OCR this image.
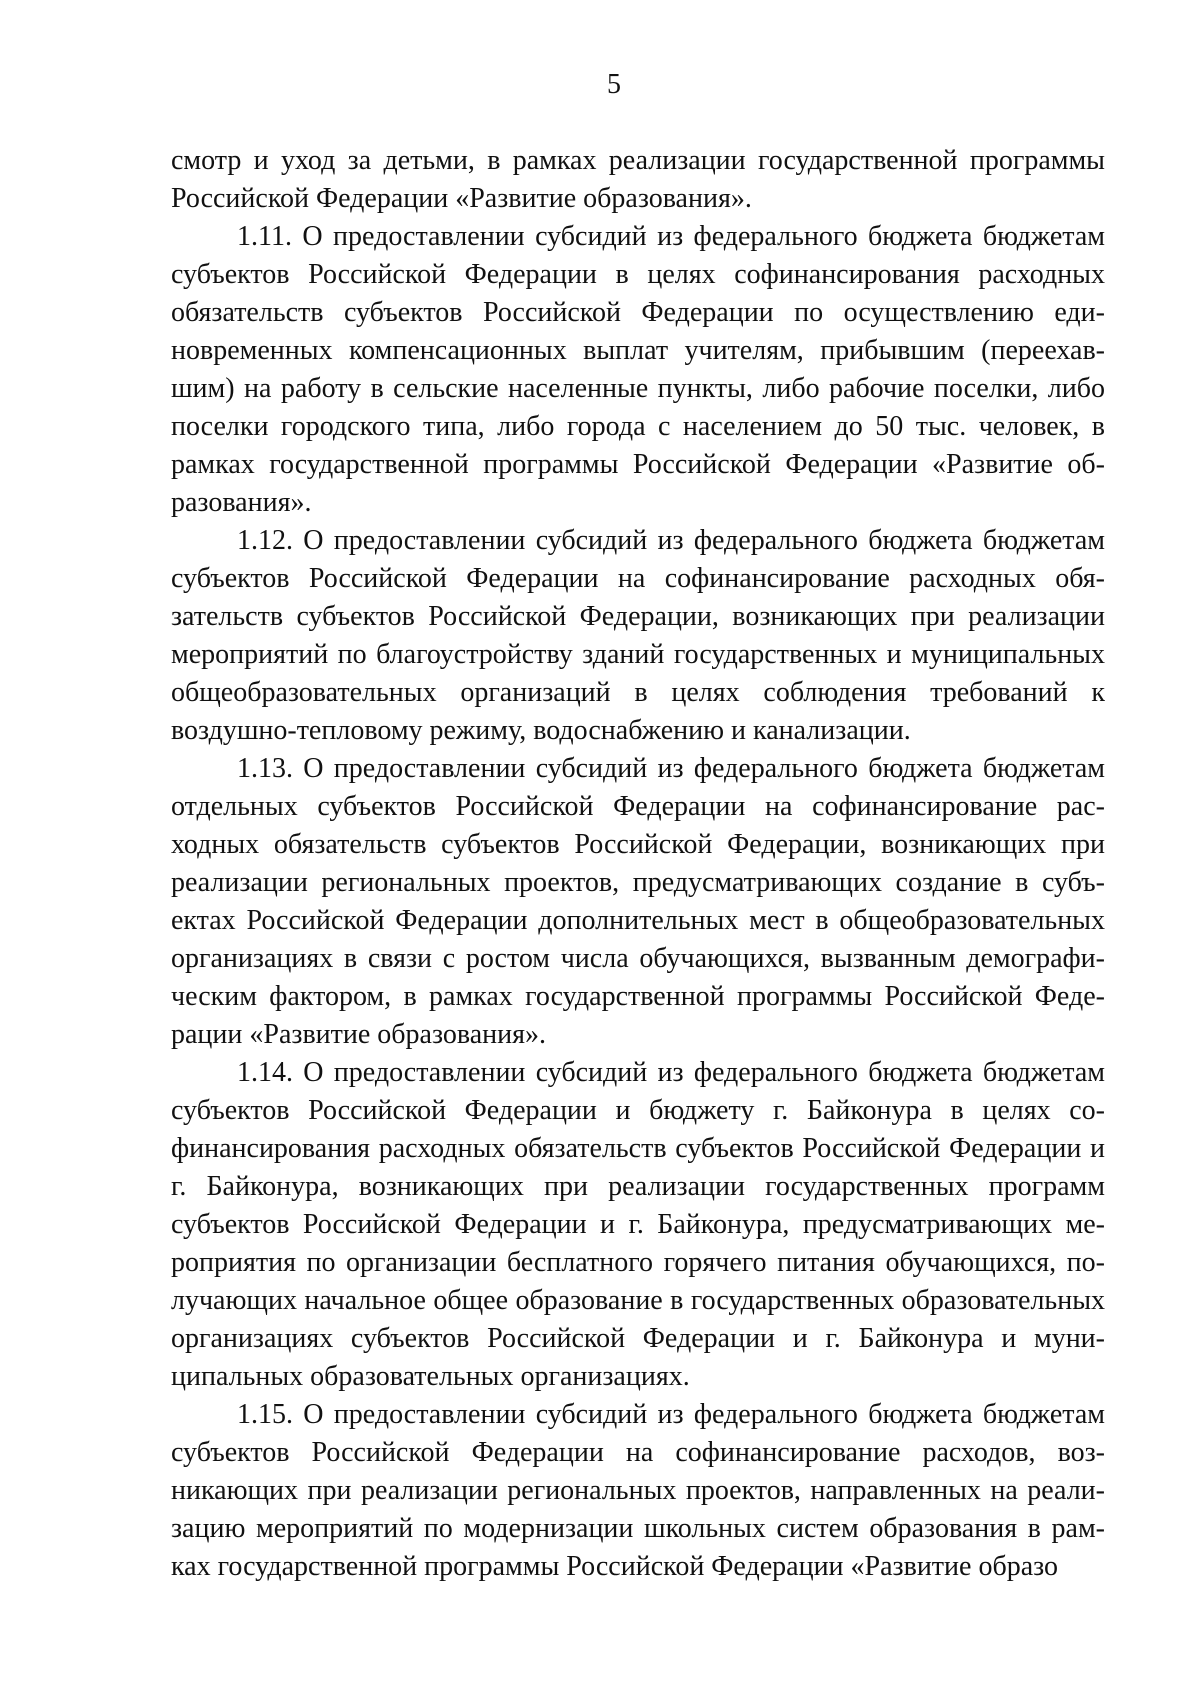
5

смотр и уход за детьми, в рамках реализации государственной программы Российской Федерации «Развитие образования».

1.11. О предоставлении субсидий из федерального бюджета бюджетам субъектов Российской Федерации в целях софинансирования расходных обязательств субъектов Российской Федерации по осуществлению единовременных компенсационных выплат учителям, прибывшим (переехавшим) на работу в сельские населенные пункты, либо рабочие поселки, либо поселки городского типа, либо города с населением до 50 тыс. человек, в рамках государственной программы Российской Федерации «Развитие образования».

1.12. О предоставлении субсидий из федерального бюджета бюджетам субъектов Российской Федерации на софинансирование расходных обязательств субъектов Российской Федерации, возникающих при реализации мероприятий по благоустройству зданий государственных и муниципальных общеобразовательных организаций в целях соблюдения требований к воздушно-тепловому режиму, водоснабжению и канализации.

1.13. О предоставлении субсидий из федерального бюджета бюджетам отдельных субъектов Российской Федерации на софинансирование расходных обязательств субъектов Российской Федерации, возникающих при реализации региональных проектов, предусматривающих создание в субъектах Российской Федерации дополнительных мест в общеобразовательных организациях в связи с ростом числа обучающихся, вызванным демографическим фактором, в рамках государственной программы Российской Федерации «Развитие образования».

1.14. О предоставлении субсидий из федерального бюджета бюджетам субъектов Российской Федерации и бюджету г. Байконура в целях софинансирования расходных обязательств субъектов Российской Федерации и г. Байконура, возникающих при реализации государственных программ субъектов Российской Федерации и г. Байконура, предусматривающих мероприятия по организации бесплатного горячего питания обучающихся, получающих начальное общее образование в государственных образовательных организациях субъектов Российской Федерации и г. Байконура и муниципальных образовательных организациях.

1.15. О предоставлении субсидий из федерального бюджета бюджетам субъектов Российской Федерации на софинансирование расходов, возникающих при реализации региональных проектов, направленных на реализацию мероприятий по модернизации школьных систем образования в рамках государственной программы Российской Федерации «Развитие образо
